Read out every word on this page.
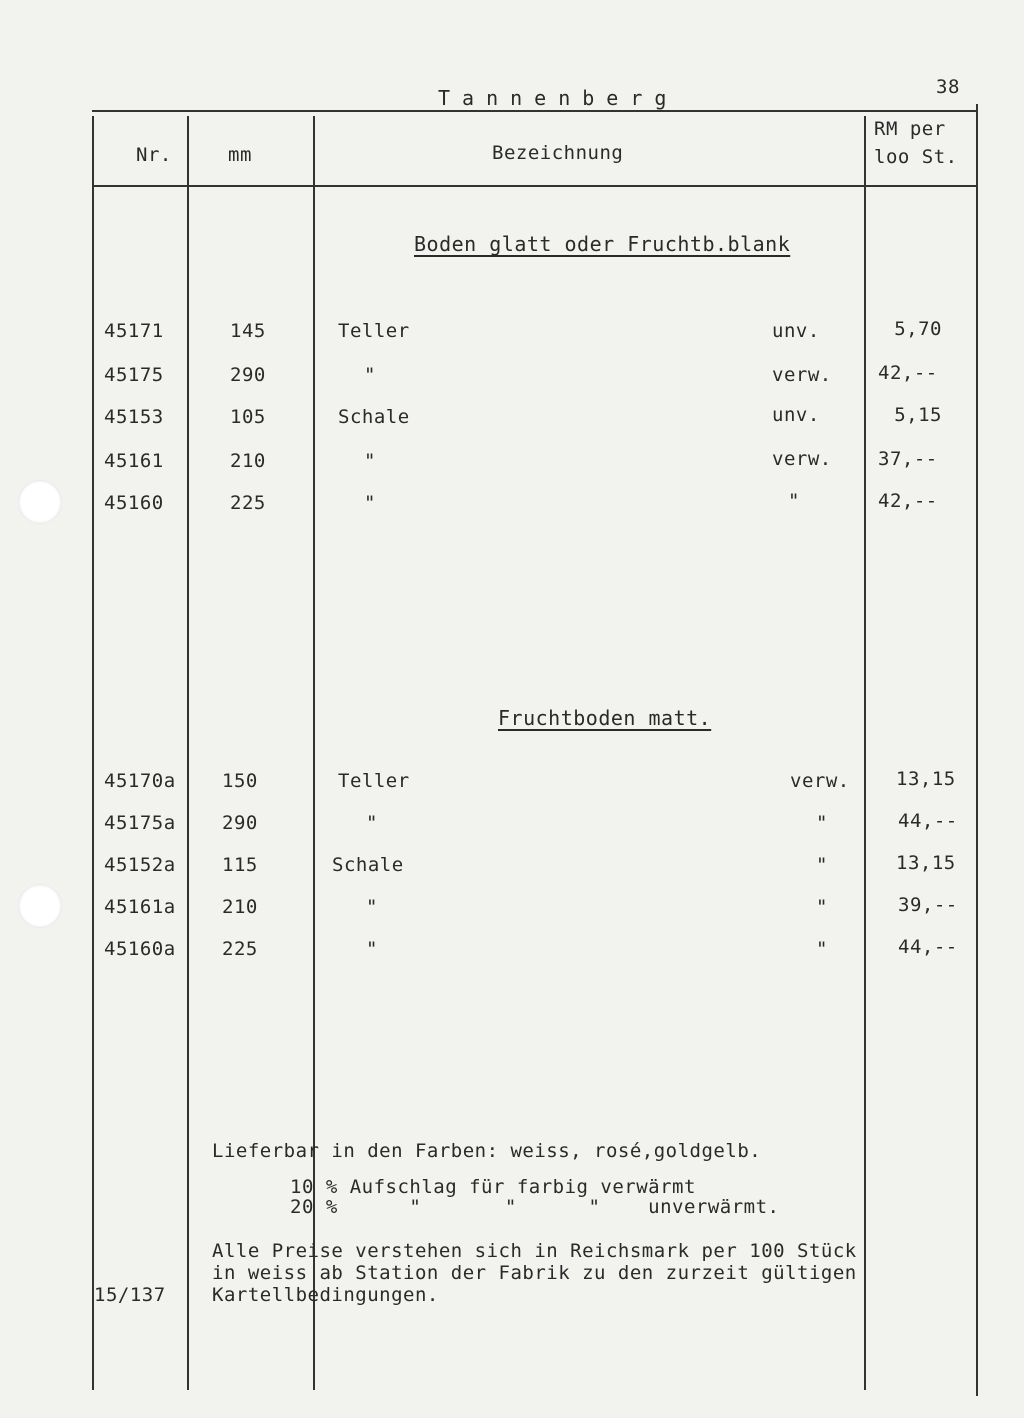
Tannenberg	38
Nr.	mm	Bezeichnung
RM per
loo St.
Boden glatt oder Fruchtb.blank
45171	145	Teller	unv.	5,70
45175	290	"	verw. 42,--
45153	105	Schale	unv.	5,15
45161	210	"	verw. 37,--
45160	225	"	"	42,--
Fruchtboden matt.
45170a 150	Teller	verw. 13,15
45175a 290	"	"	44,--
45152a 115	Schale	"	13,15
45161a 210	"	"	39,--
45160a 225	"	"	44,--
Lieferbar in den Farben: weiss, rosé,goldgelb.
10 % Aufschlag für farbig verwärmt
20 %      "       "      "    unverwärmt.
Alle Preise verstehen sich in Reichsmark per 100 Stück
in weiss ab Station der Fabrik zu den zurzeit gültigen
Kartellbedingungen.
15/137
